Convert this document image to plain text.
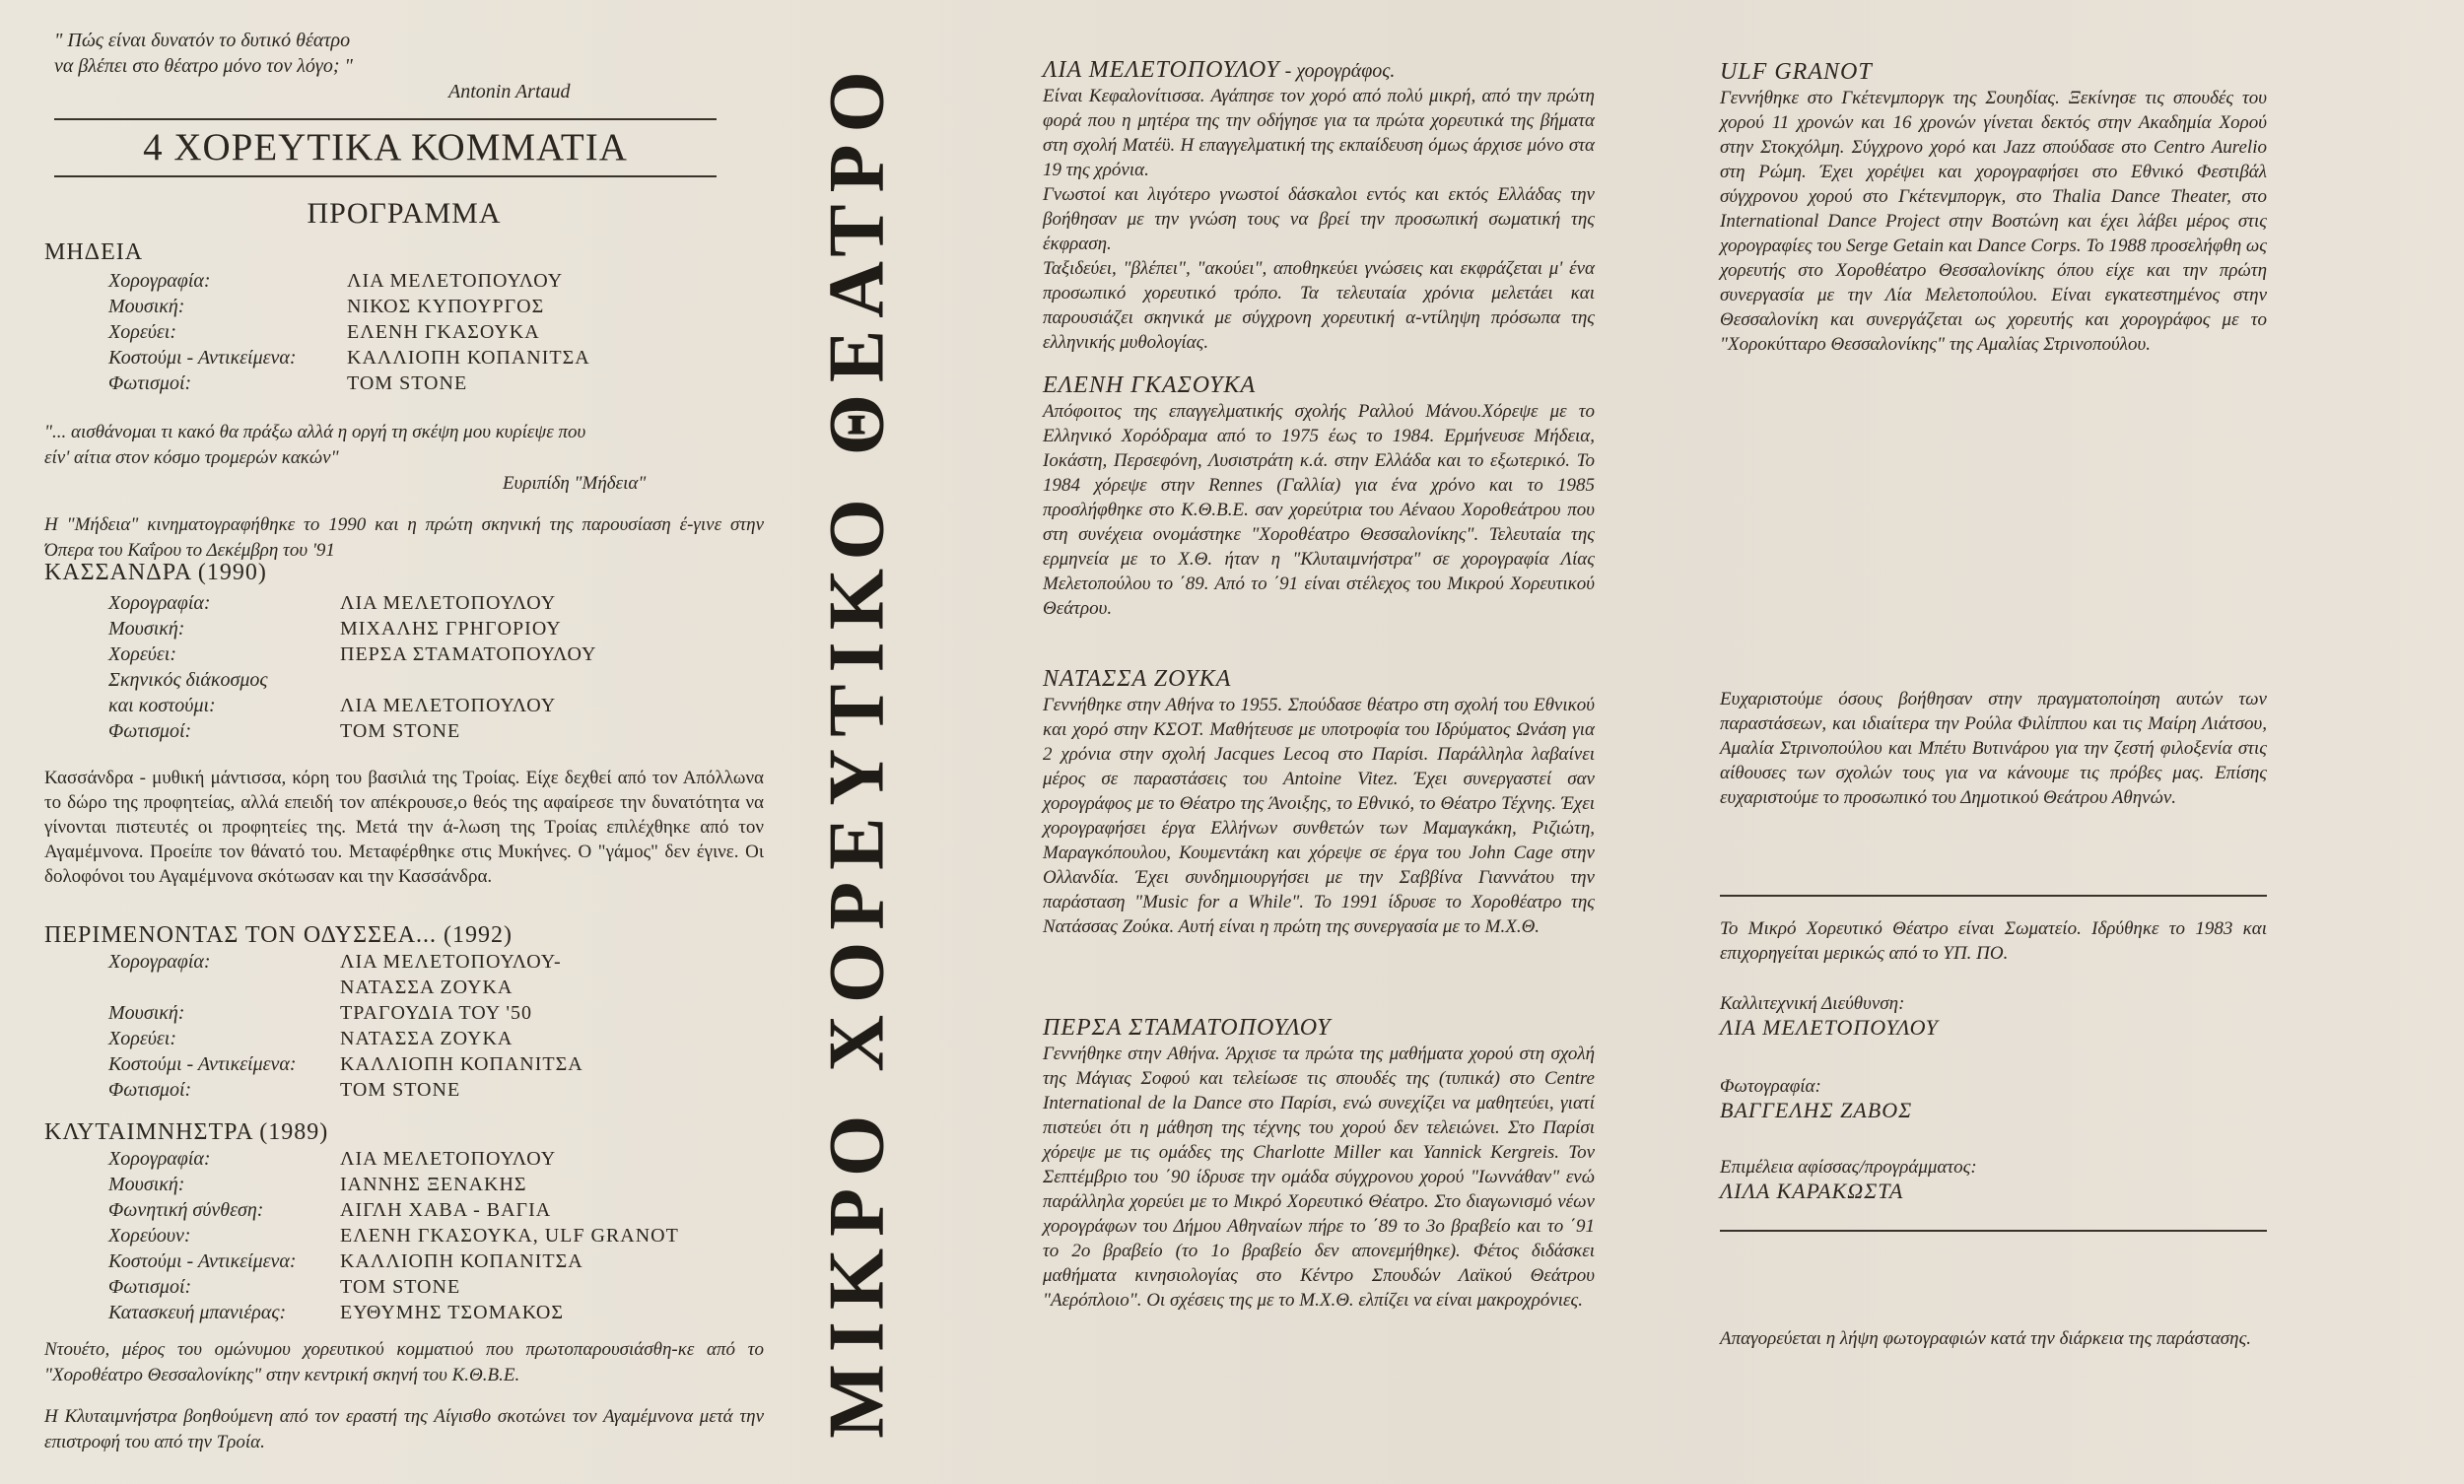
" Πώς είναι δυνατόν το δυτικό θέατρο
να βλέπει στο θέατρο μόνο τον λόγο; "
Antonin Artaud
4 ΧΟΡΕΥΤΙΚΑ ΚΟΜΜΑΤΙΑ
ΠΡΟΓΡΑΜΜΑ
ΜΗΔΕΙΑ
Χορογραφία:	ΛΙΑ ΜΕΛΕΤΟΠΟΥΛΟΥ
Μουσική:	ΝΙΚΟΣ ΚΥΠΟΥΡΓΟΣ
Χορεύει:	ΕΛΕΝΗ ΓΚΑΣΟΥΚΑ
Κοστούμι - Αντικείμενα:	ΚΑΛΛΙΟΠΗ ΚΟΠΑΝΙΤΣΑ
Φωτισμοί:	TOM STONE
"... αισθάνομαι τι κακό θα πράξω αλλά η οργή τη σκέψη μου κυρίεψε που
είν' αίτια στον κόσμο τρομερών κακών"
Ευριπίδη "Μήδεια"
Η "Μήδεια" κινηματογραφήθηκε το 1990 και η πρώτη σκηνική της παρουσίαση έ-γινε στην Όπερα του Καΐρου το Δεκέμβρη του '91
ΚΑΣΣΑΝΔΡΑ (1990)
Χορογραφία:	ΛΙΑ ΜΕΛΕΤΟΠΟΥΛΟΥ
Μουσική:	ΜΙΧΑΛΗΣ ΓΡΗΓΟΡΙΟΥ
Χορεύει:	ΠΕΡΣΑ ΣΤΑΜΑΤΟΠΟΥΛΟΥ
Σκηνικός διάκοσμος
και κοστούμι:	ΛΙΑ ΜΕΛΕΤΟΠΟΥΛΟΥ
Φωτισμοί:	TOM STONE
Κασσάνδρα - μυθική μάντισσα, κόρη του βασιλιά της Τροίας. Είχε δεχθεί από τον Απόλλωνα το δώρο της προφητείας, αλλά επειδή τον απέκρουσε,ο θεός της αφαίρεσε την δυνατότητα να γίνονται πιστευτές οι προφητείες της. Μετά την ά-λωση της Τροίας επιλέχθηκε από τον Αγαμέμνονα. Προείπε τον θάνατό του. Μεταφέρθηκε στις Μυκήνες. Ο "γάμος" δεν έγινε. Οι δολοφόνοι του Αγαμέμνονα σκότωσαν και την Κασσάνδρα.
ΠΕΡΙΜΕΝΟΝΤΑΣ ΤΟΝ ΟΔΥΣΣΕΑ... (1992)
Χορογραφία:	ΛΙΑ ΜΕΛΕΤΟΠΟΥΛΟΥ-
ΝΑΤΑΣΣΑ ΖΟΥΚΑ
Μουσική:	ΤΡΑΓΟΥΔΙΑ ΤΟΥ '50
Χορεύει:	ΝΑΤΑΣΣΑ ΖΟΥΚΑ
Κοστούμι - Αντικείμενα: ΚΑΛΛΙΟΠΗ ΚΟΠΑΝΙΤΣΑ
Φωτισμοί:	TOM STONE
ΚΛΥΤΑΙΜΝΗΣΤΡΑ (1989)
Χορογραφία:	ΛΙΑ ΜΕΛΕΤΟΠΟΥΛΟΥ
Μουσική:	ΙΑΝΝΗΣ ΞΕΝΑΚΗΣ
Φωνητική σύνθεση:	ΑΙΓΛΗ ΧΑΒΑ - ΒΑΓΙΑ
Χορεύουν:	ΕΛΕΝΗ ΓΚΑΣΟΥΚΑ, ULF GRANOT
Κοστούμι - Αντικείμενα: ΚΑΛΛΙΟΠΗ ΚΟΠΑΝΙΤΣΑ
Φωτισμοί:	TOM STONE
Κατασκευή μπανιέρας:	ΕΥΘΥΜΗΣ ΤΣΟΜΑΚΟΣ
Ντουέτο, μέρος του ομώνυμου χορευτικού κομματιού που πρωτοπαρουσιάσθη-κε από το "Χοροθέατρο Θεσσαλονίκης" στην κεντρική σκηνή του Κ.Θ.Β.Ε.
Η Κλυταιμνήστρα βοηθούμενη από τον εραστή της Αίγισθο σκοτώνει τον Αγαμέμνονα μετά την επιστροφή του από την Τροία.
ΜΙΚΡΟ ΧΟΡΕΥΤΙΚΟ ΘΕΑΤΡΟ	ΛΙΑ ΜΕΛΕΤΟΠΟΥΛΟΥ - χορογράφος.
Είναι Κεφαλονίτισσα. Αγάπησε τον χορό από πολύ μικρή, από την πρώτη φορά που η μητέρα της την οδήγησε για τα πρώτα χορευτικά της βήματα στη σχολή Ματέϋ. Η επαγγελματική της εκπαίδευση όμως άρχισε μόνο στα 19 της χρόνια.
Γνωστοί και λιγότερο γνωστοί δάσκαλοι εντός και εκτός Ελλάδας την βοήθησαν με την γνώση τους να βρεί την προσωπική σωματική της έκφραση.
Ταξιδεύει, "βλέπει", "ακούει", αποθηκεύει γνώσεις και εκφράζεται μ' ένα προσωπικό χορευτικό τρόπο. Τα τελευταία χρόνια μελετάει και παρουσιάζει σκηνικά με σύγχρονη χορευτική α-ντίληψη πρόσωπα της ελληνικής μυθολογίας.
ΕΛΕΝΗ ΓΚΑΣΟΥΚΑ
Απόφοιτος της επαγγελματικής σχολής Ραλλού Μάνου.Χόρεψε με το Ελληνικό Χορόδραμα από το 1975 έως το 1984. Ερμήνευσε Μήδεια, Ιοκάστη, Περσεφόνη, Λυσιστράτη κ.ά. στην Ελλάδα και το εξωτερικό. Το 1984 χόρεψε στην Rennes (Γαλλία) για ένα χρόνο και το 1985 προσλήφθηκε στο Κ.Θ.Β.Ε. σαν χορεύτρια του Αέναου Χοροθεάτρου που στη συνέχεια ονομάστηκε "Χοροθέατρο Θεσσαλονίκης". Τελευταία της ερμηνεία με το Χ.Θ. ήταν η "Κλυταιμνήστρα" σε χορογραφία Λίας Μελετοπούλου το ΄89. Από το ΄91 είναι στέλεχος του Μικρού Χορευτικού Θεάτρου.
ΝΑΤΑΣΣΑ ΖΟΥΚΑ
Γεννήθηκε στην Αθήνα το 1955. Σπούδασε θέατρο στη σχολή του Εθνικού και χορό στην ΚΣΟΤ. Μαθήτευσε με υποτροφία του Ιδρύματος Ωνάση για 2 χρόνια στην σχολή Jacques Lecoq στο Παρίσι. Παράλληλα λαβαίνει μέρος σε παραστάσεις του Antoine Vitez. Έχει συνεργαστεί σαν χορογράφος με το Θέατρο της Άνοιξης, το Εθνικό, το Θέατρο Τέχνης. Έχει χορογραφήσει έργα Ελλήνων συνθετών των Μαμαγκάκη, Ριζιώτη, Μαραγκόπουλου, Κουμεντάκη και χόρεψε σε έργα του John Cage στην Ολλανδία. Έχει συνδημιουργήσει με την Σαββίνα Γιαννάτου την παράσταση "Music for a While". Το 1991 ίδρυσε το Χοροθέατρο της Νατάσσας Ζούκα. Αυτή είναι η πρώτη της συνεργασία με το Μ.Χ.Θ.
ΠΕΡΣΑ ΣΤΑΜΑΤΟΠΟΥΛΟΥ
Γεννήθηκε στην Αθήνα. Άρχισε τα πρώτα της μαθήματα χορού στη σχολή της Μάγιας Σοφού και τελείωσε τις σπουδές της (τυπικά) στο Centre International de la Dance στο Παρίσι, ενώ συνεχίζει να μαθητεύει, γιατί πιστεύει ότι η μάθηση της τέχνης του χορού δεν τελειώνει. Στο Παρίσι χόρεψε με τις ομάδες της Charlotte Miller και Yannick Kergreis. Τον Σεπτέμβριο του ΄90 ίδρυσε την ομάδα σύγχρονου χορού "Ιωννάθαν" ενώ παράλληλα χορεύει με το Μικρό Χορευτικό Θέατρο. Στο διαγωνισμό νέων χορογράφων του Δήμου Αθηναίων πήρε το ΄89 το 3ο βραβείο και το ΄91 το 2ο βραβείο (το 1ο βραβείο δεν απονεμήθηκε). Φέτος διδάσκει μαθήματα κινησιολογίας στο Κέντρο Σπουδών Λαϊκού Θεάτρου "Αερόπλοιο". Οι σχέσεις της με το Μ.Χ.Θ. ελπίζει να είναι μακροχρόνιες.
ULF GRANOT
Γεννήθηκε στο Γκέτενμποργκ της Σουηδίας. Ξεκίνησε τις σπουδές του χορού 11 χρονών και 16 χρονών γίνεται δεκτός στην Ακαδημία Χορού στην Στοκχόλμη. Σύγχρονο χορό και Jazz σπούδασε στο Centro Aurelio στη Ρώμη. Έχει χορέψει και χορογραφήσει στο Εθνικό Φεστιβάλ σύγχρονου χορού στο Γκέτενμποργκ, στο Thalia Dance Theater, στο International Dance Project στην Βοστώνη και έχει λάβει μέρος στις χορογραφίες του Serge Getain και Dance Corps. Το 1988 προσελήφθη ως χορευτής στο Χοροθέατρο Θεσσαλονίκης όπου είχε και την πρώτη συνεργασία με την Λία Μελετοπούλου. Είναι εγκατεστημένος στην Θεσσαλονίκη και συνεργάζεται ως χορευτής και χορογράφος με το "Χοροκύτταρο Θεσσαλονίκης" της Αμαλίας Στρινοπούλου.
Ευχαριστούμε όσους βοήθησαν στην πραγματοποίηση αυτών των παραστάσεων, και ιδιαίτερα την Ρούλα Φιλίππου και τις Μαίρη Λιάτσου, Αμαλία Στρινοπούλου και Μπέτυ Βυτινάρου για την ζεστή φιλοξενία στις αίθουσες των σχολών τους για να κάνουμε τις πρόβες μας. Επίσης ευχαριστούμε το προσωπικό του Δημοτικού Θεάτρου Αθηνών.
Το Μικρό Χορευτικό Θέατρο είναι Σωματείο. Ιδρύθηκε το 1983 και επιχορηγείται μερικώς από το ΥΠ. ΠΟ.
Καλλιτεχνική Διεύθυνση:
ΛΙΑ ΜΕΛΕΤΟΠΟΥΛΟΥ
Φωτογραφία:
ΒΑΓΓΕΛΗΣ ΖΑΒΟΣ
Επιμέλεια αφίσσας/προγράμματος:
ΛΙΛΑ ΚΑΡΑΚΩΣΤΑ
Απαγορεύεται η λήψη φωτογραφιών κατά την διάρκεια της παράστασης.
